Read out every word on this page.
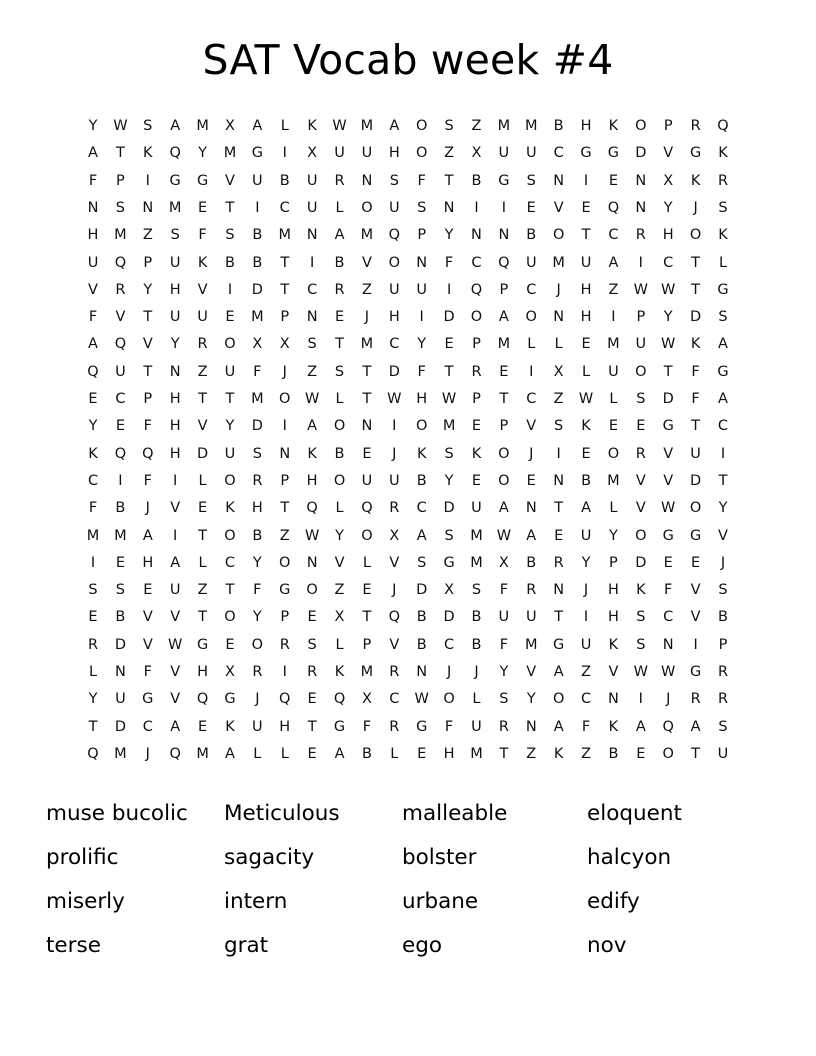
SAT Vocab week #4
Y	W	S	A	M	X	A	L	K	W	M	A	O	S	Z	M	M	B	H	K	O	P	R	Q
A	T	K	Q	Y	M	G	I	X	U	U	H	O	Z	X	U	U	C	G	G	D	V	G	K
F	P	I	G	G	V	U	B	U	R	N	S	F	T	B	G	S	N	I	E	N	X	K	R
N	S	N	M	E	T	I	C	U	L	O	U	S	N	I	I	E	V	E	Q	N	Y	J	S
H	M	Z	S	F	S	B	M	N	A	M	Q	P	Y	N	N	B	O	T	C	R	H	O	K
U	Q	P	U	K	B	B	T	I	B	V	O	N	F	C	Q	U	M	U	A	I	C	T	L
V	R	Y	H	V	I	D	T	C	R	Z	U	U	I	Q	P	C	J	H	Z	W	W	T	G
F	V	T	U	U	E	M	P	N	E	J	H	I	D	O	A	O	N	H	I	P	Y	D	S
A	Q	V	Y	R	O	X	X	S	T	M	C	Y	E	P	M	L	L	E	M	U	W	K	A
Q	U	T	N	Z	U	F	J	Z	S	T	D	F	T	R	E	I	X	L	U	O	T	F	G
E	C	P	H	T	T	M	O	W	L	T	W	H	W	P	T	C	Z	W	L	S	D	F	A
Y	E	F	H	V	Y	D	I	A	O	N	I	O	M	E	P	V	S	K	E	E	G	T	C
K	Q	Q	H	D	U	S	N	K	B	E	J	K	S	K	O	J	I	E	O	R	V	U	I
C	I	F	I	L	O	R	P	H	O	U	U	B	Y	E	O	E	N	B	M	V	V	D	T
F	B	J	V	E	K	H	T	Q	L	Q	R	C	D	U	A	N	T	A	L	V	W	O	Y
M	M	A	I	T	O	B	Z	W	Y	O	X	A	S	M	W	A	E	U	Y	O	G	G	V
I	E	H	A	L	C	Y	O	N	V	L	V	S	G	M	X	B	R	Y	P	D	E	E	J
S	S	E	U	Z	T	F	G	O	Z	E	J	D	X	S	F	R	N	J	H	K	F	V	S
E	B	V	V	T	O	Y	P	E	X	T	Q	B	D	B	U	U	T	I	H	S	C	V	B
R	D	V	W	G	E	O	R	S	L	P	V	B	C	B	F	M	G	U	K	S	N	I	P
L	N	F	V	H	X	R	I	R	K	M	R	N	J	J	Y	V	A	Z	V	W	W	G	R
Y	U	G	V	Q	G	J	Q	E	Q	X	C	W	O	L	S	Y	O	C	N	I	J	R	R
T	D	C	A	E	K	U	H	T	G	F	R	G	F	U	R	N	A	F	K	A	Q	A	S
Q	M	J	Q	M	A	L	L	E	A	B	L	E	H	M	T	Z	K	Z	B	E	O	T	U
muse bucolic	Meticulous	malleable	eloquent
prolific	sagacity	bolster	halcyon
miserly	intern	urbane	edify
terse	grat	ego	nov
